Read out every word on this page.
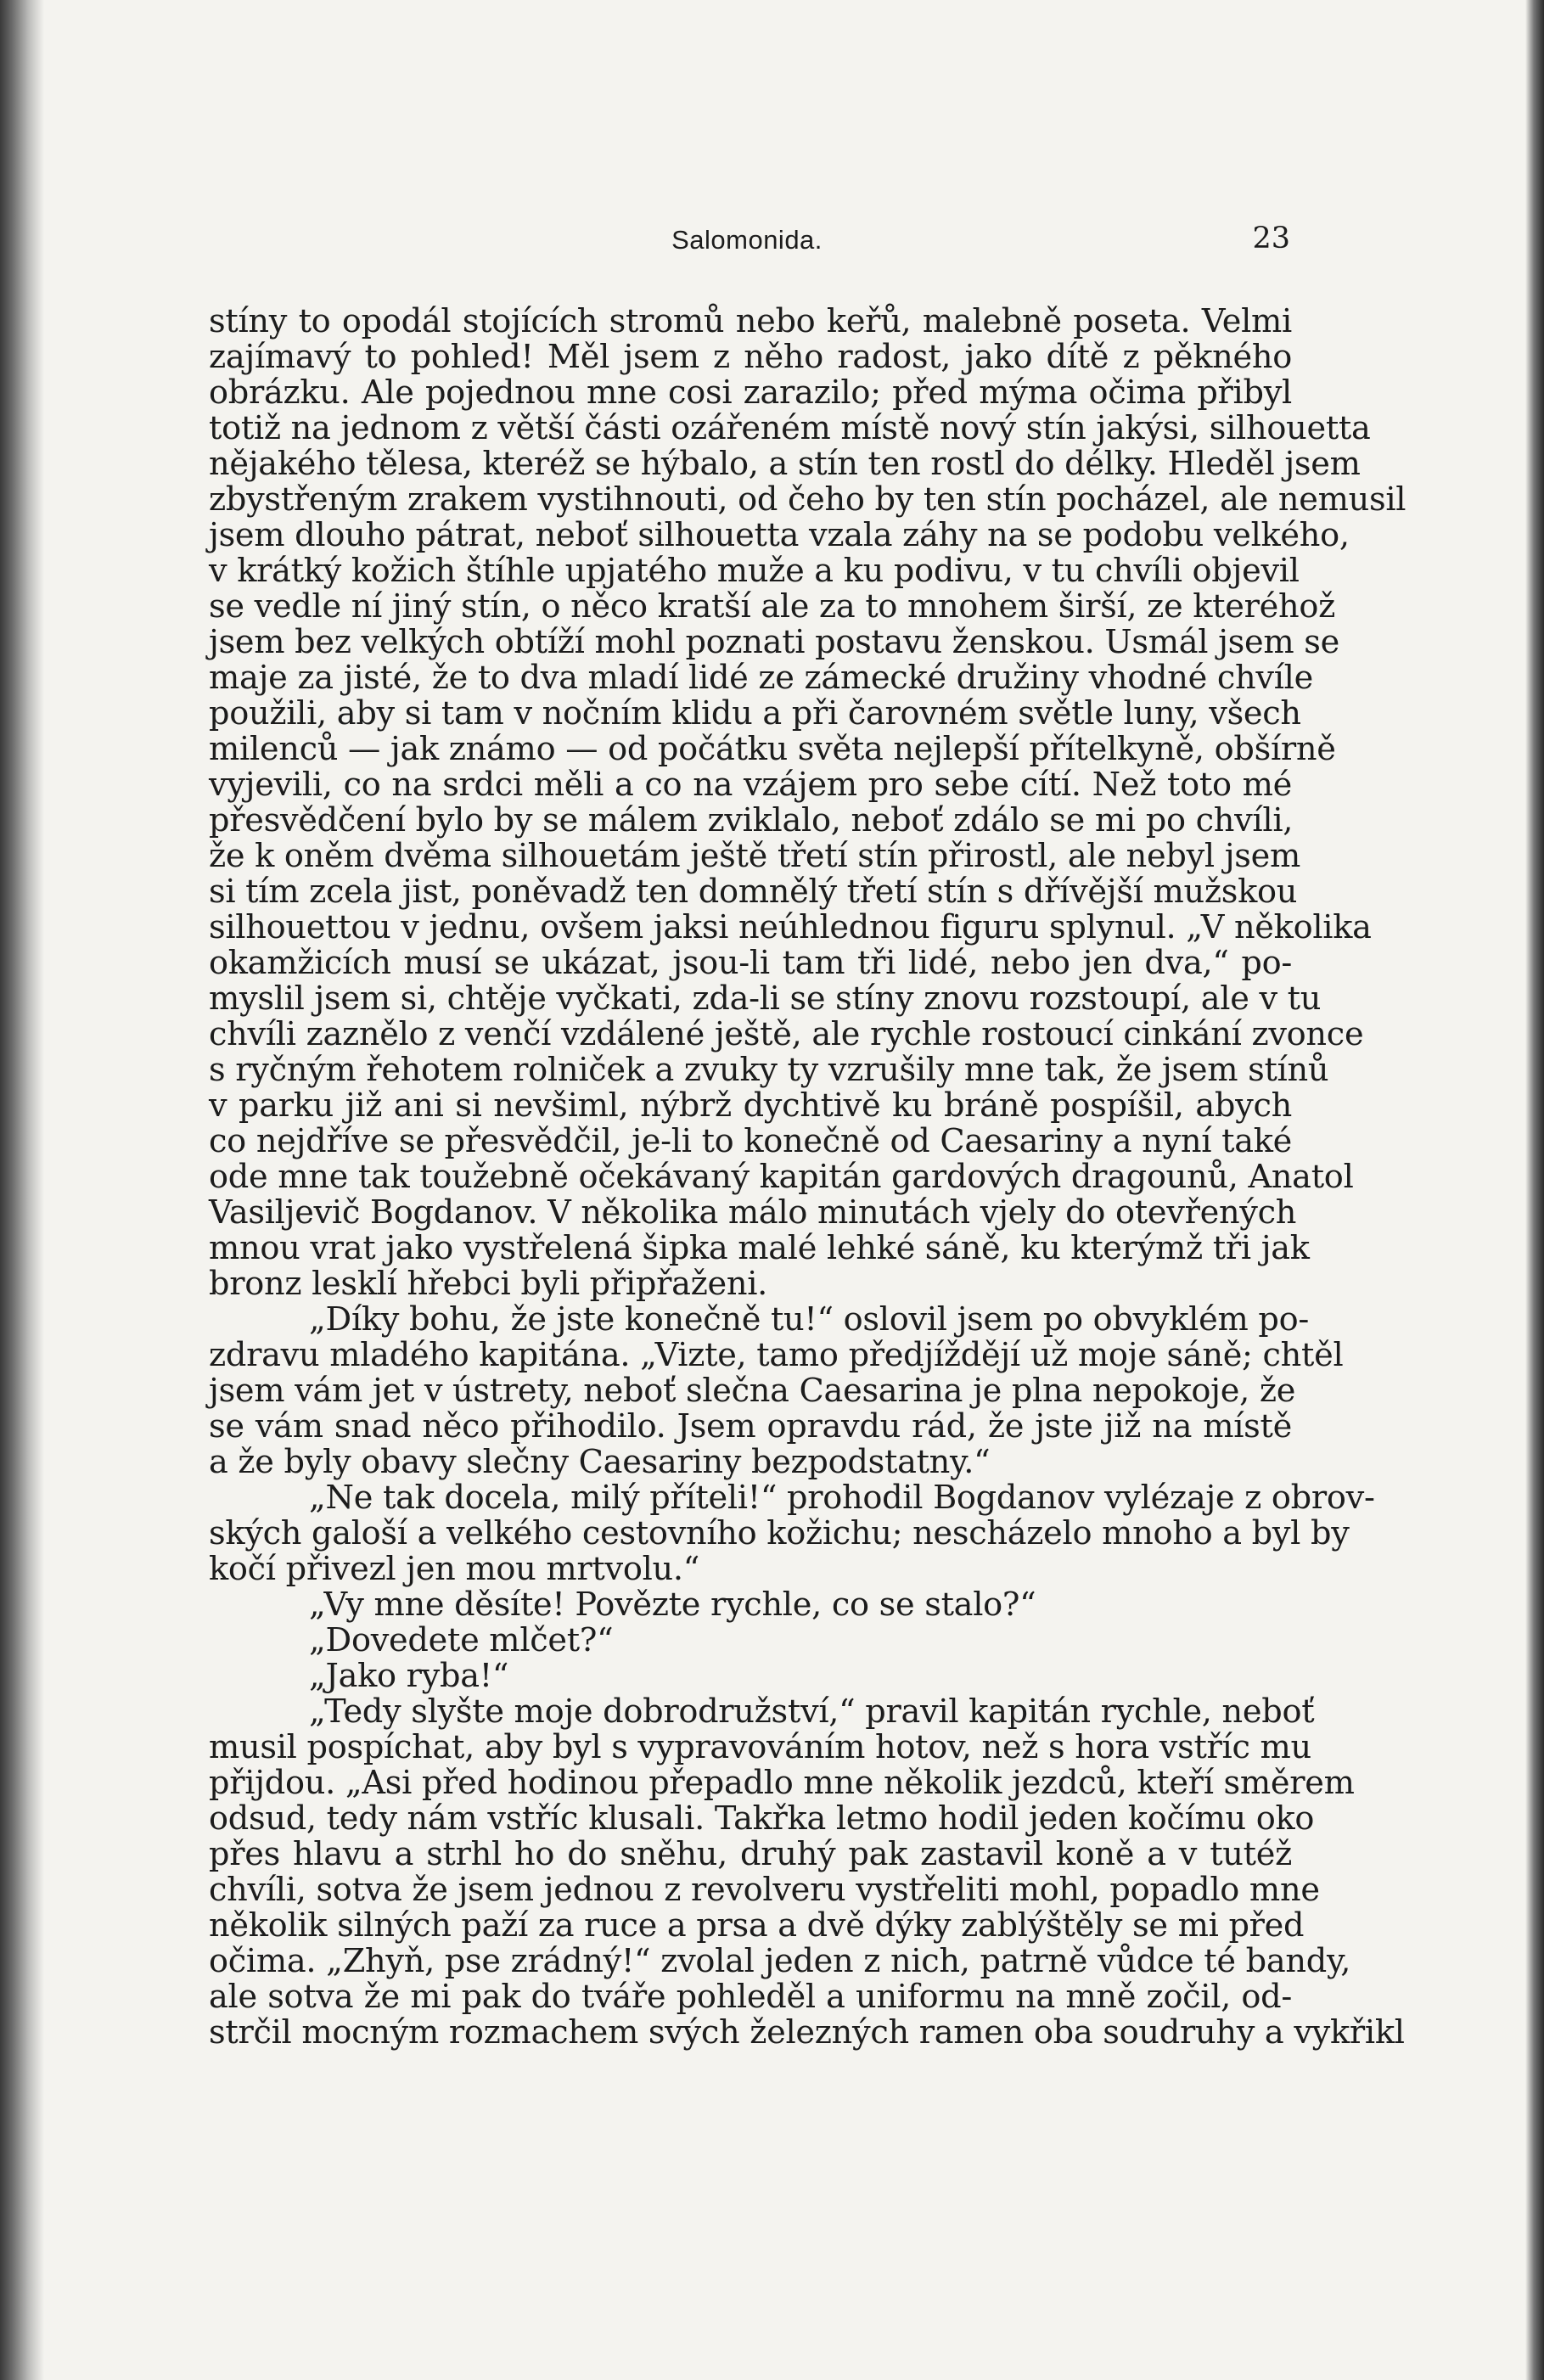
Salomonida.	23
stíny to opodál stojících stromů nebo keřů, malebně poseta. Velmi
zajímavý to pohled! Měl jsem z něho radost, jako dítě z pěkného
obrázku. Ale pojednou mne cosi zarazilo; před mýma očima přibyl
totiž na jednom z větší části ozářeném místě nový stín jakýsi, silhouetta
nějakého tělesa, kteréž se hýbalo, a stín ten rostl do délky. Hleděl jsem
zbystřeným zrakem vystihnouti, od čeho by ten stín pocházel, ale nemusil
jsem dlouho pátrat, neboť silhouetta vzala záhy na se podobu velkého,
v krátký kožich štíhle upjatého muže a ku podivu, v tu chvíli objevil
se vedle ní jiný stín, o něco kratší ale za to mnohem širší, ze kteréhož
jsem bez velkých obtíží mohl poznati postavu ženskou. Usmál jsem se
maje za jisté, že to dva mladí lidé ze zámecké družiny vhodné chvíle
použili, aby si tam v nočním klidu a při čarovném světle luny, všech
milenců — jak známo — od počátku světa nejlepší přítelkyně, obšírně
vyjevili, co na srdci měli a co na vzájem pro sebe cítí. Než toto mé
přesvědčení bylo by se málem zviklalo, neboť zdálo se mi po chvíli,
že k oněm dvěma silhouetám ještě třetí stín přirostl, ale nebyl jsem
si tím zcela jist, poněvadž ten domnělý třetí stín s dřívější mužskou
silhouettou v jednu, ovšem jaksi neúhlednou figuru splynul. „V několika
okamžicích musí se ukázat, jsou-li tam tři lidé, nebo jen dva,“ po-
myslil jsem si, chtěje vyčkati, zda-li se stíny znovu rozstoupí, ale v tu
chvíli zaznělo z venčí vzdálené ještě, ale rychle rostoucí cinkání zvonce
s ryčným řehotem rolniček a zvuky ty vzrušily mne tak, že jsem stínů
v parku již ani si nevšiml, nýbrž dychtivě ku bráně pospíšil, abych
co nejdříve se přesvědčil, je-li to konečně od Caesariny a nyní také
ode mne tak toužebně očekávaný kapitán gardových dragounů, Anatol
Vasiljevič Bogdanov. V několika málo minutách vjely do otevřených
mnou vrat jako vystřelená šipka malé lehké sáně, ku kterýmž tři jak
bronz lesklí hřebci byli připřaženi.
„Díky bohu, že jste konečně tu!“ oslovil jsem po obvyklém po-
zdravu mladého kapitána. „Vizte, tamo předjíždějí už moje sáně; chtěl
jsem vám jet v ústrety, neboť slečna Caesarina je plna nepokoje, že
se vám snad něco přihodilo. Jsem opravdu rád, že jste již na místě
a že byly obavy slečny Caesariny bezpodstatny.“
„Ne tak docela, milý příteli!“ prohodil Bogdanov vylézaje z obrov-
ských galoší a velkého cestovního kožichu; nescházelo mnoho a byl by
kočí přivezl jen mou mrtvolu.“
„Vy mne děsíte! Povězte rychle, co se stalo?“
„Dovedete mlčet?“
„Jako ryba!“
„Tedy slyšte moje dobrodružství,“ pravil kapitán rychle, neboť
musil pospíchat, aby byl s vypravováním hotov, než s hora vstříc mu
přijdou. „Asi před hodinou přepadlo mne několik jezdců, kteří směrem
odsud, tedy nám vstříc klusali. Takřka letmo hodil jeden kočímu oko
přes hlavu a strhl ho do sněhu, druhý pak zastavil koně a v tutéž
chvíli, sotva že jsem jednou z revolveru vystřeliti mohl, popadlo mne
několik silných paží za ruce a prsa a dvě dýky zablýštěly se mi před
očima. „Zhyň, pse zrádný!“ zvolal jeden z nich, patrně vůdce té bandy,
ale sotva že mi pak do tváře pohleděl a uniformu na mně zočil, od-
strčil mocným rozmachem svých železných ramen oba soudruhy a vykřikl
